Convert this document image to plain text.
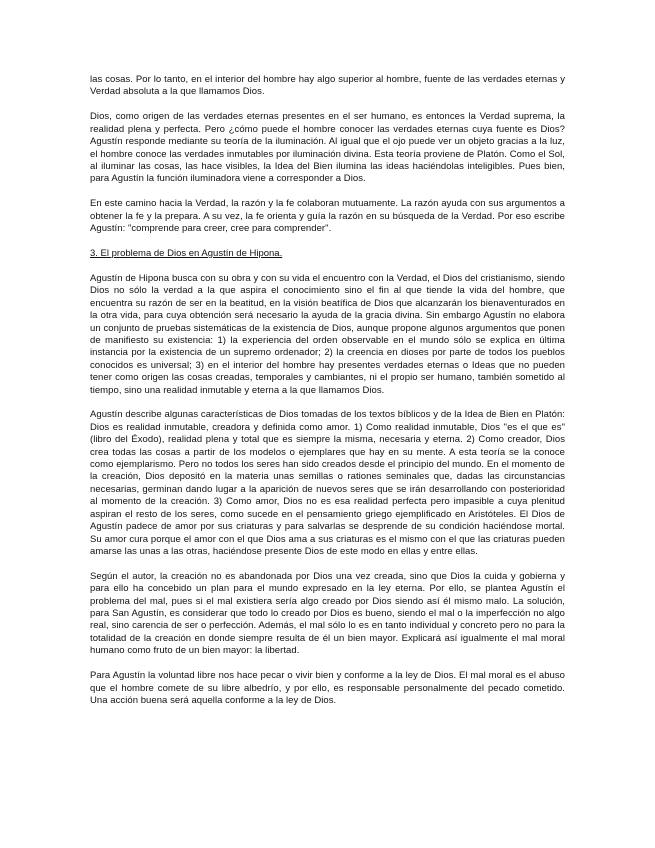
las cosas. Por lo tanto, en el interior del hombre hay algo superior al hombre, fuente de las verdades eternas y Verdad absoluta a la que llamamos Dios.

Dios, como origen de las verdades eternas presentes en el ser humano, es entonces la Verdad suprema, la realidad plena y perfecta. Pero ¿cómo puede el hombre conocer las verdades eternas cuya fuente es Dios? Agustín responde mediante su teoría de la iluminación. Al igual que el ojo puede ver un objeto gracias a la luz, el hombre conoce las verdades inmutables por iluminación divina. Esta teoría proviene de Platón. Como el Sol, al iluminar las cosas, las hace visibles, la Idea del Bien ilumina las ideas haciéndolas inteligibles. Pues bien, para Agustín la función iluminadora viene a corresponder a Dios.

En este camino hacia la Verdad, la razón y la fe colaboran mutuamente. La razón ayuda con sus argumentos a obtener la fe y la prepara. A su vez, la fe orienta y guía la razón en su búsqueda de la Verdad. Por eso escribe Agustín: "comprende para creer, cree para comprender".

3. El problema de Dios en Agustín de Hipona.

Agustín de Hipona busca con su obra y con su vida el encuentro con la Verdad, el Dios del cristianismo, siendo Dios no sólo la verdad a la que aspira el conocimiento sino el fin al que tiende la vida del hombre, que encuentra su razón de ser en la beatitud, en la visión beatífica de Dios que alcanzarán los bienaventurados en la otra vida, para cuya obtención será necesario la ayuda de la gracia divina. Sin embargo Agustín no elabora un conjunto de pruebas sistemáticas de la existencia de Dios, aunque propone algunos argumentos que ponen de manifiesto su existencia: 1) la experiencia del orden observable en el mundo sólo se explica en última instancia por la existencia de un supremo ordenador; 2) la creencia en dioses por parte de todos los pueblos conocidos es universal; 3) en el interior del hombre hay presentes verdades eternas o Ideas que no pueden tener como origen las cosas creadas, temporales y cambiantes, ni el propio ser humano, también sometido al tiempo, sino una realidad inmutable y eterna a la que llamamos Dios.

Agustín describe algunas características de Dios tomadas de los textos bíblicos y de la Idea de Bien en Platón: Dios es realidad inmutable, creadora y definida como amor. 1) Como realidad inmutable, Dios "es el que es" (libro del Éxodo), realidad plena y total que es siempre la misma, necesaria y eterna. 2) Como creador, Dios crea todas las cosas a partir de los modelos o ejemplares que hay en su mente. A esta teoría se la conoce como ejemplarismo. Pero no todos los seres han sido creados desde el principio del mundo. En el momento de la creación, Dios depositó en la materia unas semillas o rationes seminales que, dadas las circunstancias necesarias, germinan dando lugar a la aparición de nuevos seres que se irán desarrollando con posterioridad al momento de la creación. 3) Como amor, Dios no es esa realidad perfecta pero impasible a cuya plenitud aspiran el resto de los seres, como sucede en el pensamiento griego ejemplificado en Aristóteles. El Dios de Agustín padece de amor por sus criaturas y para salvarlas se desprende de su condición haciéndose mortal. Su amor cura porque el amor con el que Dios ama a sus criaturas es el mismo con el que las criaturas pueden amarse las unas a las otras, haciéndose presente Dios de este modo en ellas y entre ellas.

Según el autor, la creación no es abandonada por Dios una vez creada, sino que Dios la cuida y gobierna y para ello ha concebido un plan para el mundo expresado en la ley eterna. Por ello, se plantea Agustín el problema del mal, pues si el mal existiera sería algo creado por Dios siendo así él mismo malo. La solución, para San Agustín, es considerar que todo lo creado por Dios es bueno, siendo el mal o la imperfección no algo real, sino carencia de ser o perfección. Además, el mal sólo lo es en tanto individual y concreto pero no para la totalidad de la creación en donde siempre resulta de él un bien mayor. Explicará así igualmente el mal moral humano como fruto de un bien mayor: la libertad.

Para Agustín la voluntad libre nos hace pecar o vivir bien y conforme a la ley de Dios. El mal moral es el abuso que el hombre comete de su libre albedrío, y por ello, es responsable personalmente del pecado cometido. Una acción buena será aquella conforme a la ley de Dios.
